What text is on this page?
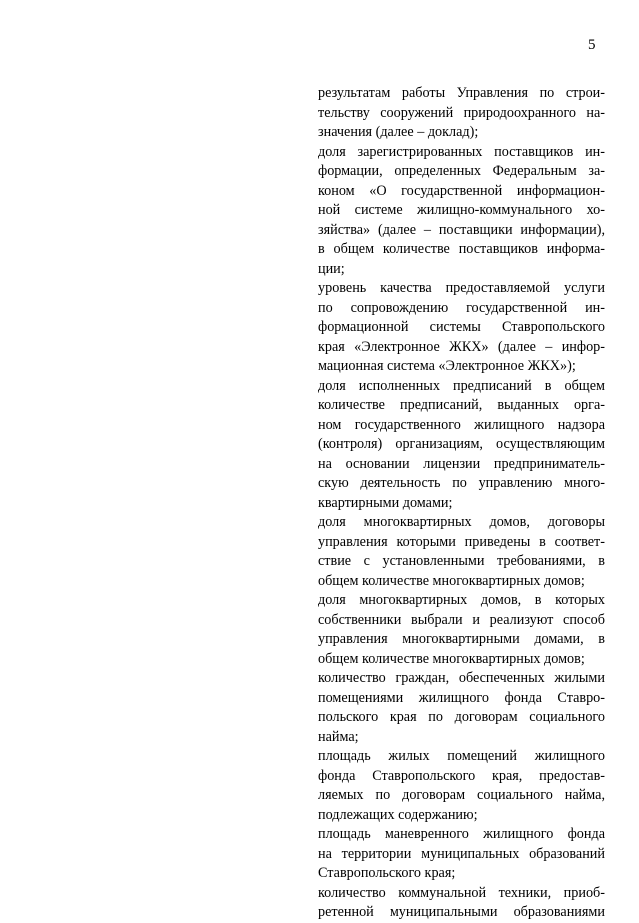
5
результатам работы Управления по строи-
тельству сооружений природоохранного на-
значения (далее – доклад);
доля зарегистрированных поставщиков ин-
формации, определенных Федеральным за-
коном «О государственной информацион-
ной системе жилищно-коммунального хо-
зяйства» (далее – поставщики информации),
в общем количестве поставщиков информа-
ции;
уровень качества предоставляемой услуги
по сопровождению государственной ин-
формационной системы Ставропольского
края «Электронное ЖКХ» (далее – инфор-
мационная система «Электронное ЖКХ»);
доля исполненных предписаний в общем
количестве предписаний, выданных орга-
ном государственного жилищного надзора
(контроля) организациям, осуществляющим
на основании лицензии предприниматель-
скую деятельность по управлению много-
квартирными домами;
доля многоквартирных домов, договоры
управления которыми приведены в соответ-
ствие с установленными требованиями, в
общем количестве многоквартирных домов;
доля многоквартирных домов, в которых
собственники выбрали и реализуют способ
управления многоквартирными домами, в
общем количестве многоквартирных домов;
количество граждан, обеспеченных жилыми
помещениями жилищного фонда Ставро-
польского края по договорам социального
найма;
площадь жилых помещений жилищного
фонда Ставропольского края, предостав-
ляемых по договорам социального найма,
подлежащих содержанию;
площадь маневренного жилищного фонда
на территории муниципальных образований
Ставропольского края;
количество коммунальной техники, приоб-
ретенной муниципальными образованиями
